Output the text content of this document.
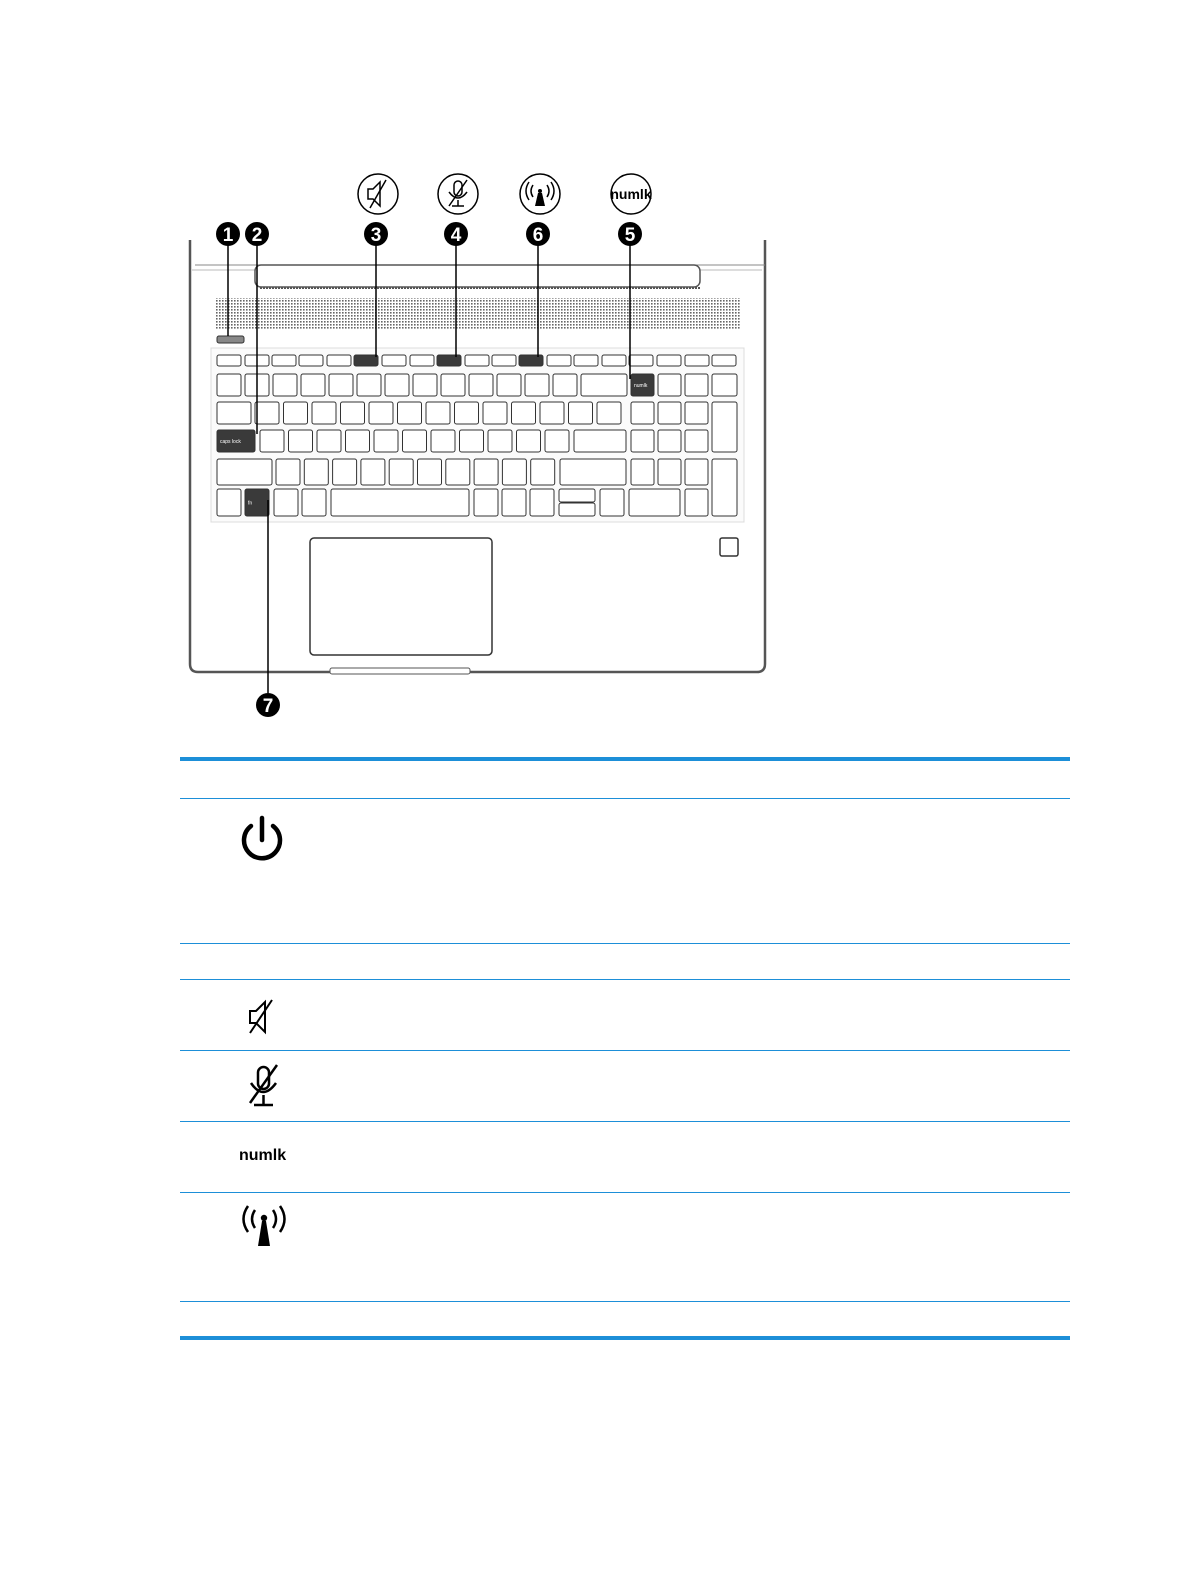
numlk
numlk
caps lock
fn
1 2	3	4	6	5
7
numlk
